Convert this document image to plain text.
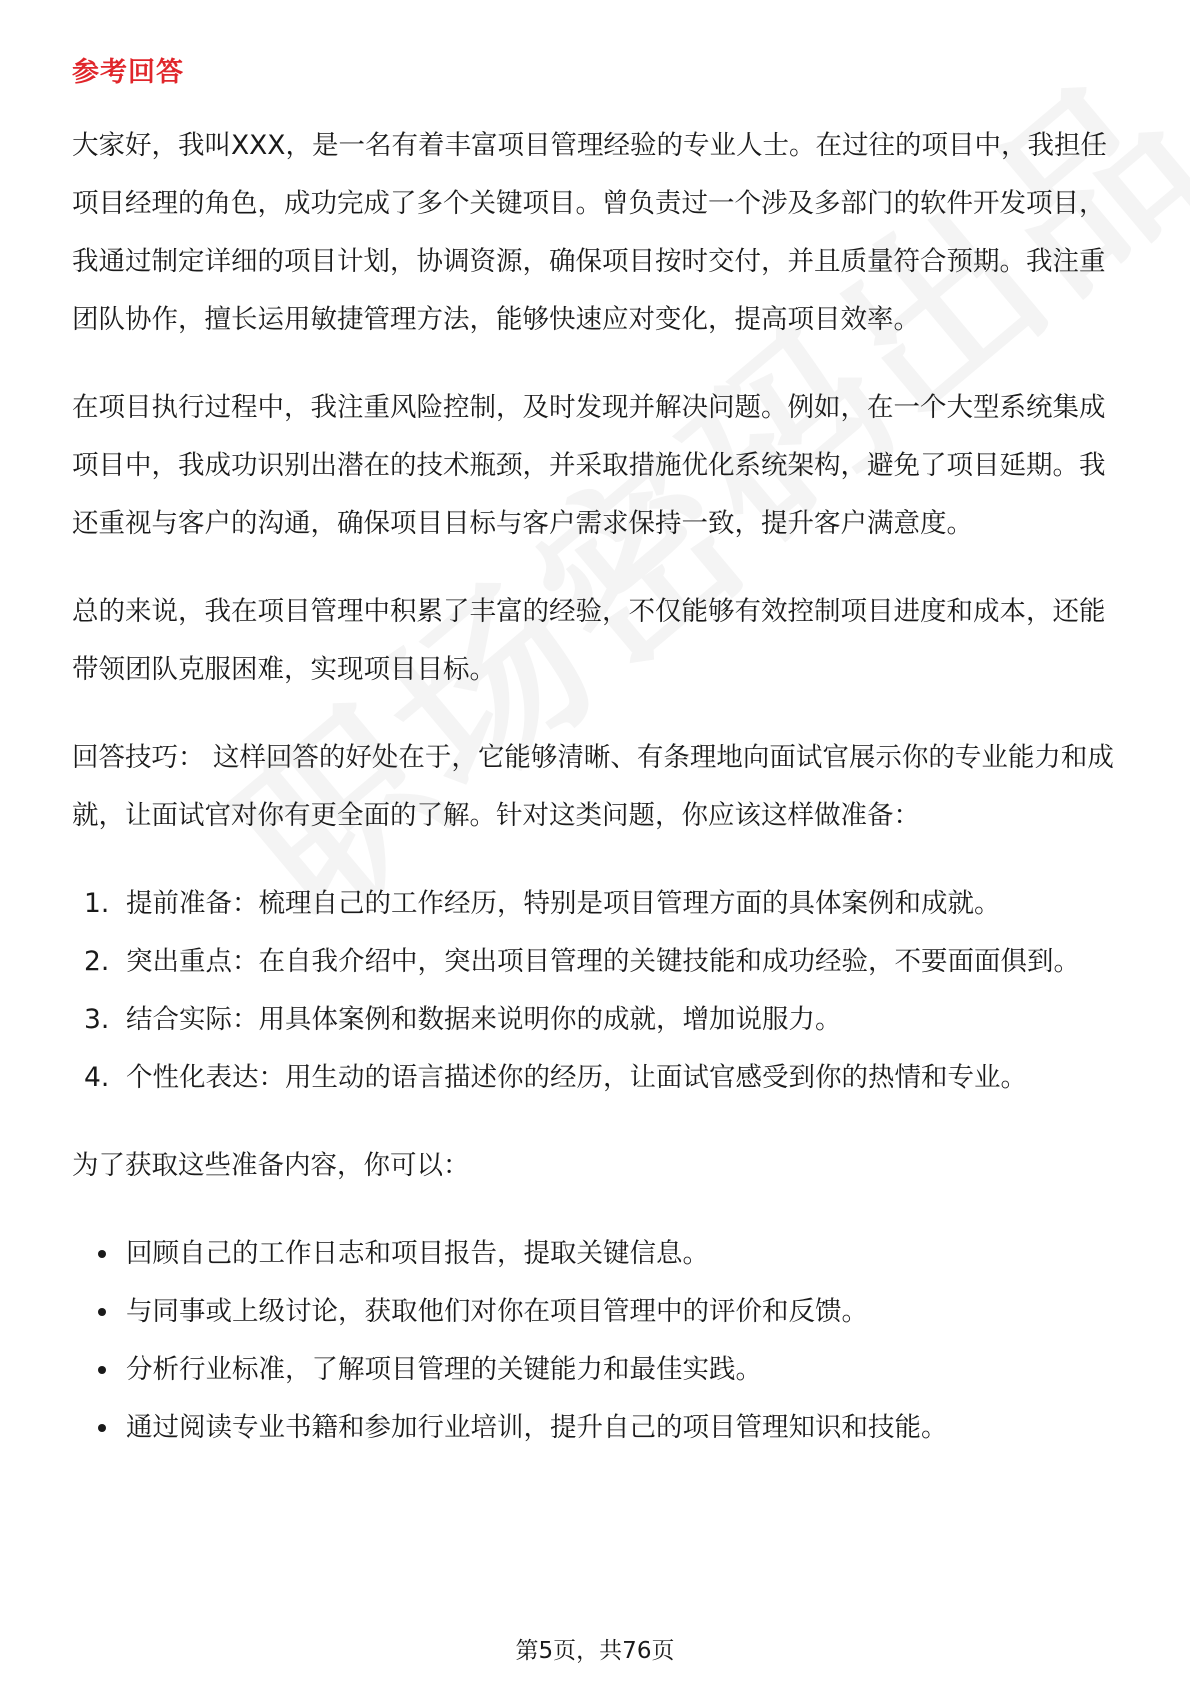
参考回答

大家好，我叫XXX，是一名有着丰富项目管理经验的专业人士。在过往的项目中，我担任项目经理的角色，成功完成了多个关键项目。曾负责过一个涉及多部门的软件开发项目，我通过制定详细的项目计划，协调资源，确保项目按时交付，并且质量符合预期。我注重团队协作，擅长运用敏捷管理方法，能够快速应对变化，提高项目效率。

在项目执行过程中，我注重风险控制，及时发现并解决问题。例如，在一个大型系统集成项目中，我成功识别出潜在的技术瓶颈，并采取措施优化系统架构，避免了项目延期。我还重视与客户的沟通，确保项目目标与客户需求保持一致，提升客户满意度。

总的来说，我在项目管理中积累了丰富的经验，不仅能够有效控制项目进度和成本，还能带领团队克服困难，实现项目目标。

回答技巧： 这样回答的好处在于，它能够清晰、有条理地向面试官展示你的专业能力和成就，让面试官对你有更全面的了解。针对这类问题，你应该这样做准备：

1. 提前准备：梳理自己的工作经历，特别是项目管理方面的具体案例和成就。
2. 突出重点：在自我介绍中，突出项目管理的关键技能和成功经验，不要面面俱到。
3. 结合实际：用具体案例和数据来说明你的成就，增加说服力。
4. 个性化表达：用生动的语言描述你的经历，让面试官感受到你的热情和专业。

为了获取这些准备内容，你可以：

回顾自己的工作日志和项目报告，提取关键信息。
与同事或上级讨论，获取他们对你在项目管理中的评价和反馈。
分析行业标准，了解项目管理的关键能力和最佳实践。
通过阅读专业书籍和参加行业培训，提升自己的项目管理知识和技能。
第5页，共76页
